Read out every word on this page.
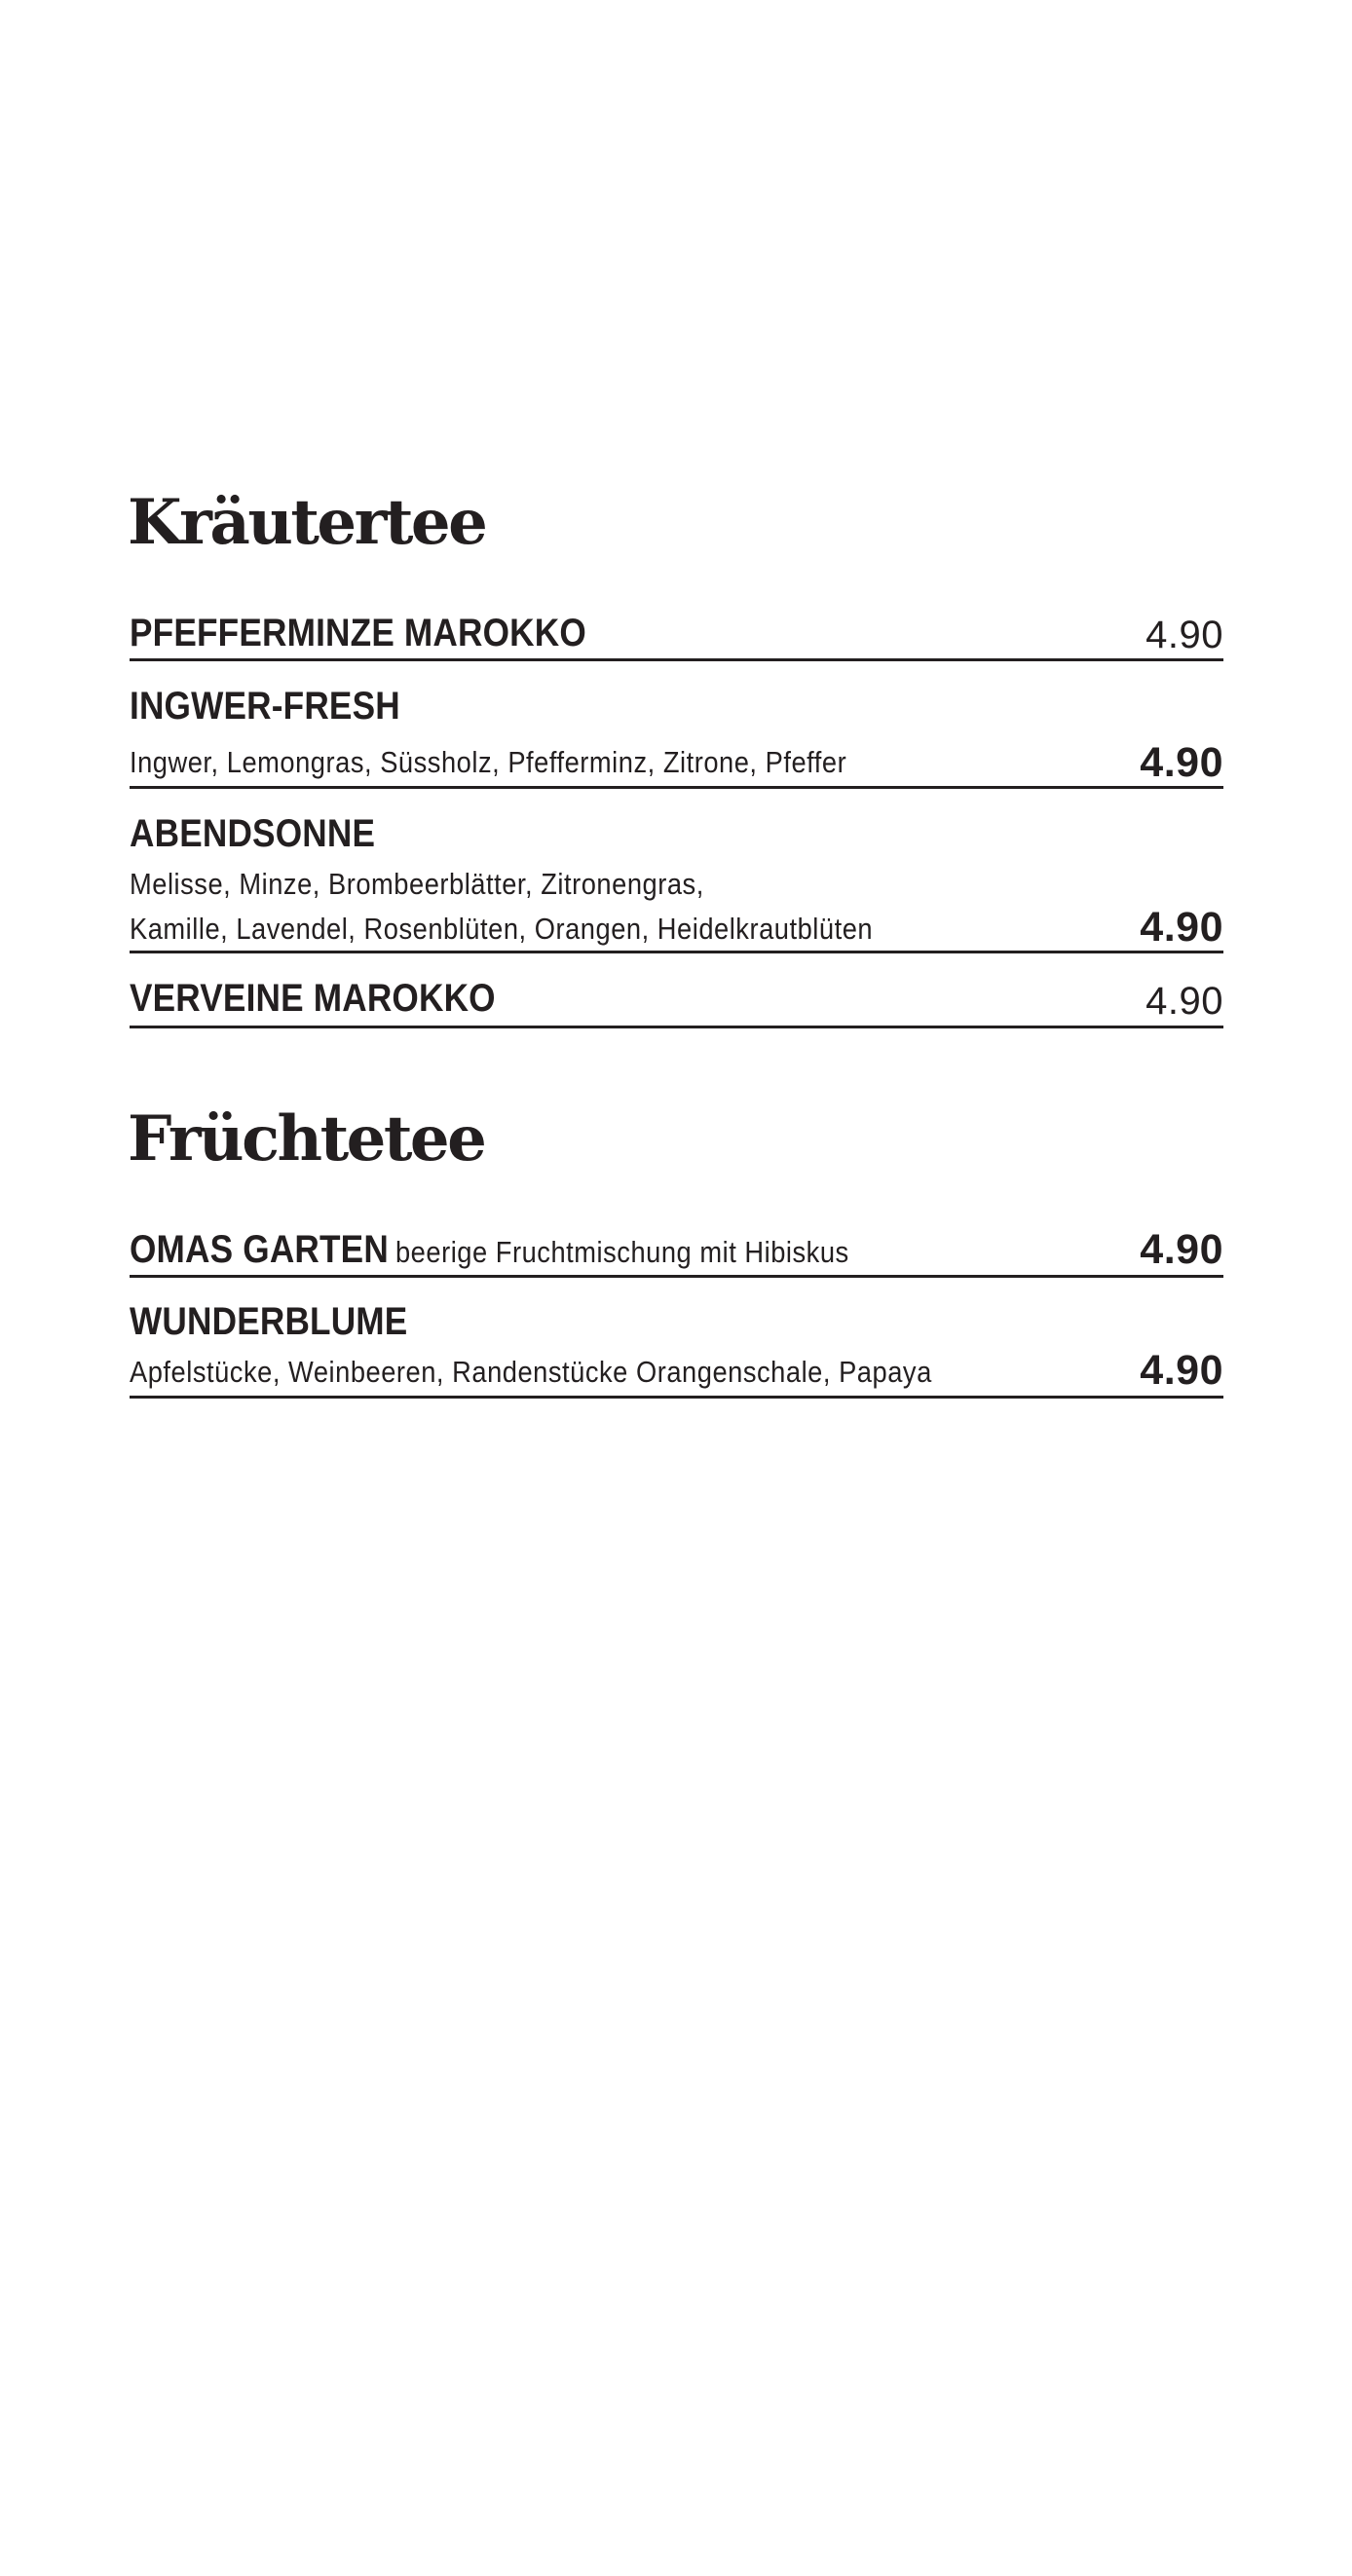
Kräutertee
PFEFFERMINZE MAROKKO	4.90
INGWER-FRESH
Ingwer, Lemongras, Süssholz, Pfefferminz, Zitrone, Pfeffer	4.90
ABENDSONNE
Melisse, Minze, Brombeerblätter, Zitronengras,
Kamille, Lavendel, Rosenblüten, Orangen, Heidelkrautblüten	4.90
VERVEINE MAROKKO	4.90
Früchtetee
OMAS GARTEN beerige Fruchtmischung mit Hibiskus	4.90
WUNDERBLUME
Apfelstücke, Weinbeeren, Randenstücke Orangenschale, Papaya	4.90
